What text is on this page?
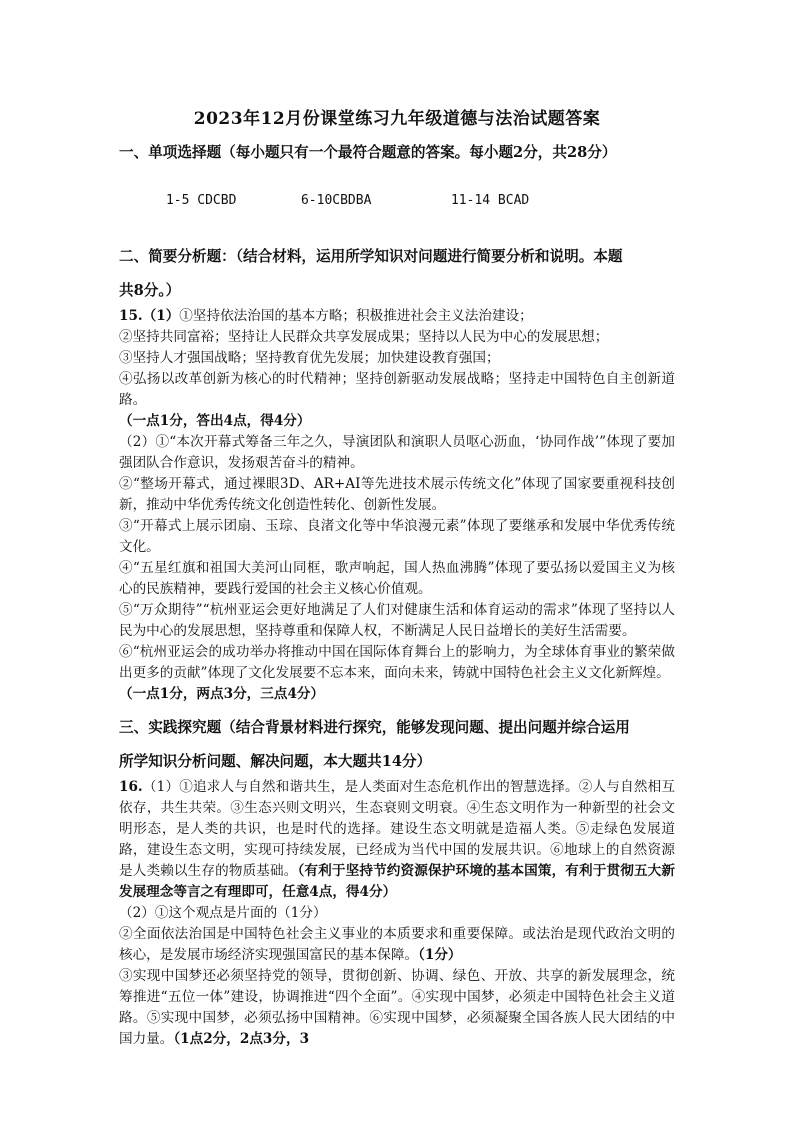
2023年12月份课堂练习九年级道德与法治试题答案
一、单项选择题（每小题只有一个最符合题意的答案。每小题2分，共28分）

1-5 CDCBD	6-10CBDBA	11-14 BCAD

二、简要分析题：（结合材料，运用所学知识对问题进行简要分析和说明。本题
共8分。）

15.（1）①坚持依法治国的基本方略；积极推进社会主义法治建设；

②坚持共同富裕；坚持让人民群众共享发展成果；坚持以人民为中心的发展思想；

③坚持人才强国战略；坚持教育优先发展；加快建设教育强国；

④弘扬以改革创新为核心的时代精神；坚持创新驱动发展战略；坚持走中国特色自主创新道路。

（一点1分，答出4点，得4分）

（2）①“本次开幕式筹备三年之久，导演团队和演职人员呕心沥血，‘协同作战’”体现了要加强团队合作意识，发扬艰苦奋斗的精神。

②“整场开幕式，通过裸眼3D、AR+AI等先进技术展示传统文化”体现了国家要重视科技创新，推动中华优秀传统文化创造性转化、创新性发展。

③“开幕式上展示团扇、玉琮、良渚文化等中华浪漫元素”体现了要继承和发展中华优秀传统文化。

④“五星红旗和祖国大美河山同框，歌声响起，国人热血沸腾”体现了要弘扬以爱国主义为核心的民族精神，要践行爱国的社会主义核心价值观。

⑤“万众期待”“杭州亚运会更好地满足了人们对健康生活和体育运动的需求”体现了坚持以人民为中心的发展思想，坚持尊重和保障人权，不断满足人民日益增长的美好生活需要。

⑥“杭州亚运会的成功举办将推动中国在国际体育舞台上的影响力，为全球体育事业的繁荣做出更多的贡献”体现了文化发展要不忘本来，面向未来，铸就中国特色社会主义文化新辉煌。

（一点1分，两点3分，三点4分）

三、实践探究题（结合背景材料进行探究，能够发现问题、提出问题并综合运用
所学知识分析问题、解决问题，本大题共14分）

16.（1）①追求人与自然和谐共生，是人类面对生态危机作出的智慧选择。②人与自然相互依存，共生共荣。③生态兴则文明兴，生态衰则文明衰。④生态文明作为一种新型的社会文明形态，是人类的共识，也是时代的选择。建设生态文明就是造福人类。⑤走绿色发展道路，建设生态文明，实现可持续发展，已经成为当代中国的发展共识。⑥地球上的自然资源是人类赖以生存的物质基础。（有利于坚持节约资源保护环境的基本国策，有利于贯彻五大新发展理念等言之有理即可，任意4点，得4分）

（2）①这个观点是片面的（1分）

②全面依法治国是中国特色社会主义事业的本质要求和重要保障。或法治是现代政治文明的核心，是发展市场经济实现强国富民的基本保障。（1分）

③实现中国梦还必须坚持党的领导，贯彻创新、协调、绿色、开放、共享的新发展理念，统筹推进“五位一体”建设，协调推进“四个全面”。④实现中国梦，必须走中国特色社会主义道路。⑤实现中国梦，必须弘扬中国精神。⑥实现中国梦，必须凝聚全国各族人民大团结的中国力量。（1点2分，2点3分，3
